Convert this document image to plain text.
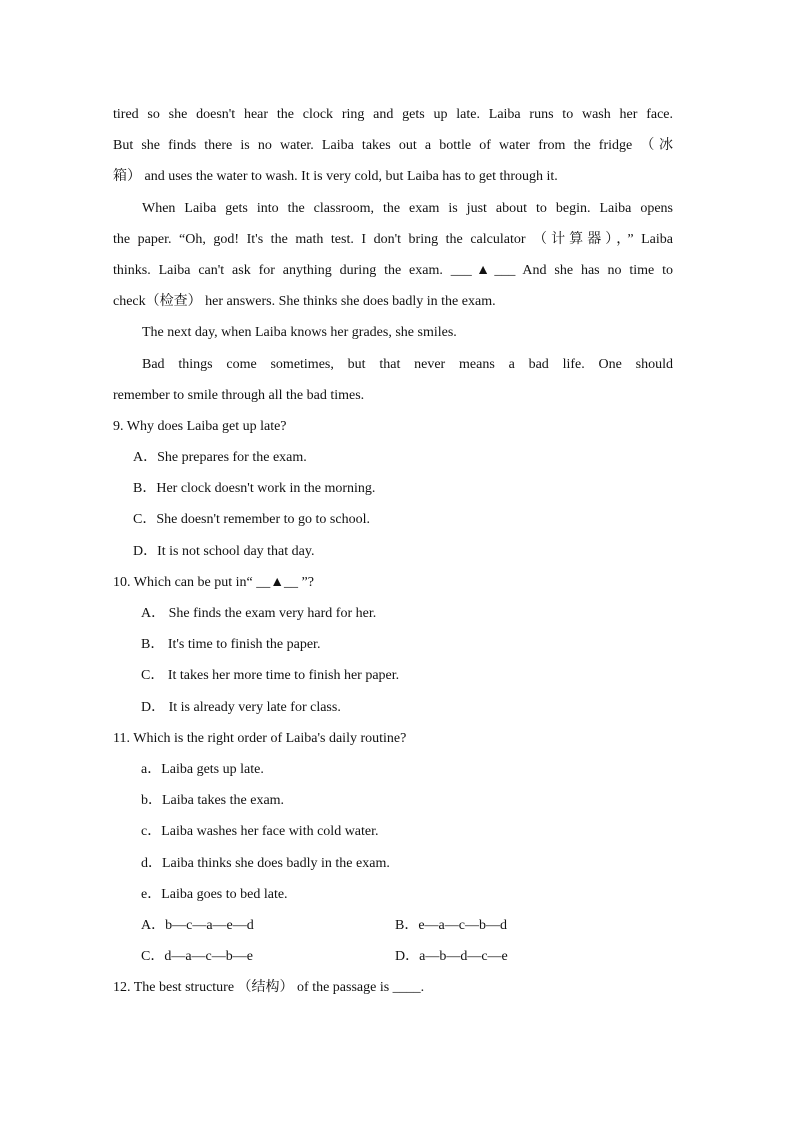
tired so she doesn't hear the clock ring and gets up late. Laiba runs to wash her face.
But she finds there is no water. Laiba takes out a bottle of water from the fridge （冰
箱） and uses the water to wash. It is very cold, but Laiba has to get through it.
When Laiba gets into the classroom, the exam is just about to begin. Laiba opens
the paper. “Oh, god! It's the math test. I don't bring the calculator （计算器），” Laiba
thinks. Laiba can't ask for anything during the exam. ___▲___ And she has no time to
check（检查） her answers. She thinks she does badly in the exam.
The next day, when Laiba knows her grades, she smiles.
Bad things come sometimes, but that never means a bad life. One should
remember to smile through all the bad times.
9. Why does Laiba get up late?
A．She prepares for the exam.
B．Her clock doesn't work in the morning.
C．She doesn't remember to go to school.
D．It is not school day that day.
10. Which can be put in“ __▲__ ”?
A． She finds the exam very hard for her.
B． It's time to finish the paper.
C． It takes her more time to finish her paper.
D． It is already very late for class.
11. Which is the right order of Laiba's daily routine?
a．Laiba gets up late.
b．Laiba takes the exam.
c．Laiba washes her face with cold water.
d．Laiba thinks she does badly in the exam.
e．Laiba goes to bed late.
A．b—c—a—e—d	B．e—a—c—b—d
C．d—a—c—b—e	D．a—b—d—c—e
12. The best structure （结构） of the passage is ____.
